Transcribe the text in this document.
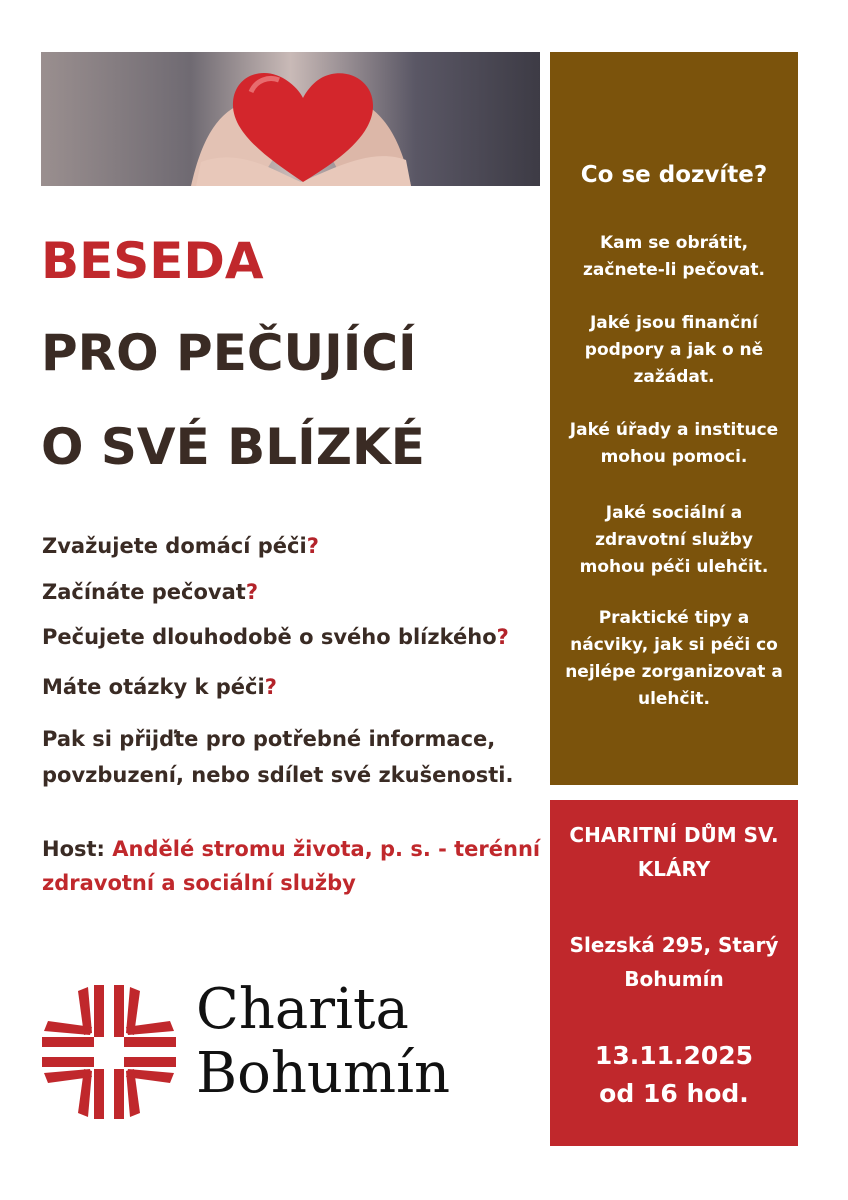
BESEDA
PRO PEČUJÍCÍ
O SVÉ BLÍZKÉ

Zvažujete domácí péči?

Začínáte pečovat?

Pečujete dlouhodobě o svého blízkého?

Máte otázky k péči?

Pak si přijďte pro potřebné informace, povzbuzení, nebo sdílet své zkušenosti.

Host: Andělé stromu života, p. s. - terénní zdravotní a sociální služby
Charita
Bohumín
Co se dozvíte?
Kam se obrátit, začnete-li pečovat.
Jaké jsou finanční podpory a jak o ně zažádat.
Jaké úřady a instituce mohou pomoci.
Jaké sociální a zdravotní služby mohou péči ulehčit.
Praktické tipy a nácviky, jak si péči co nejlépe zorganizovat a ulehčit.
CHARITNÍ DŮM SV. KLÁRY
Slezská 295, Starý Bohumín
13.11.2025
od 16 hod.
